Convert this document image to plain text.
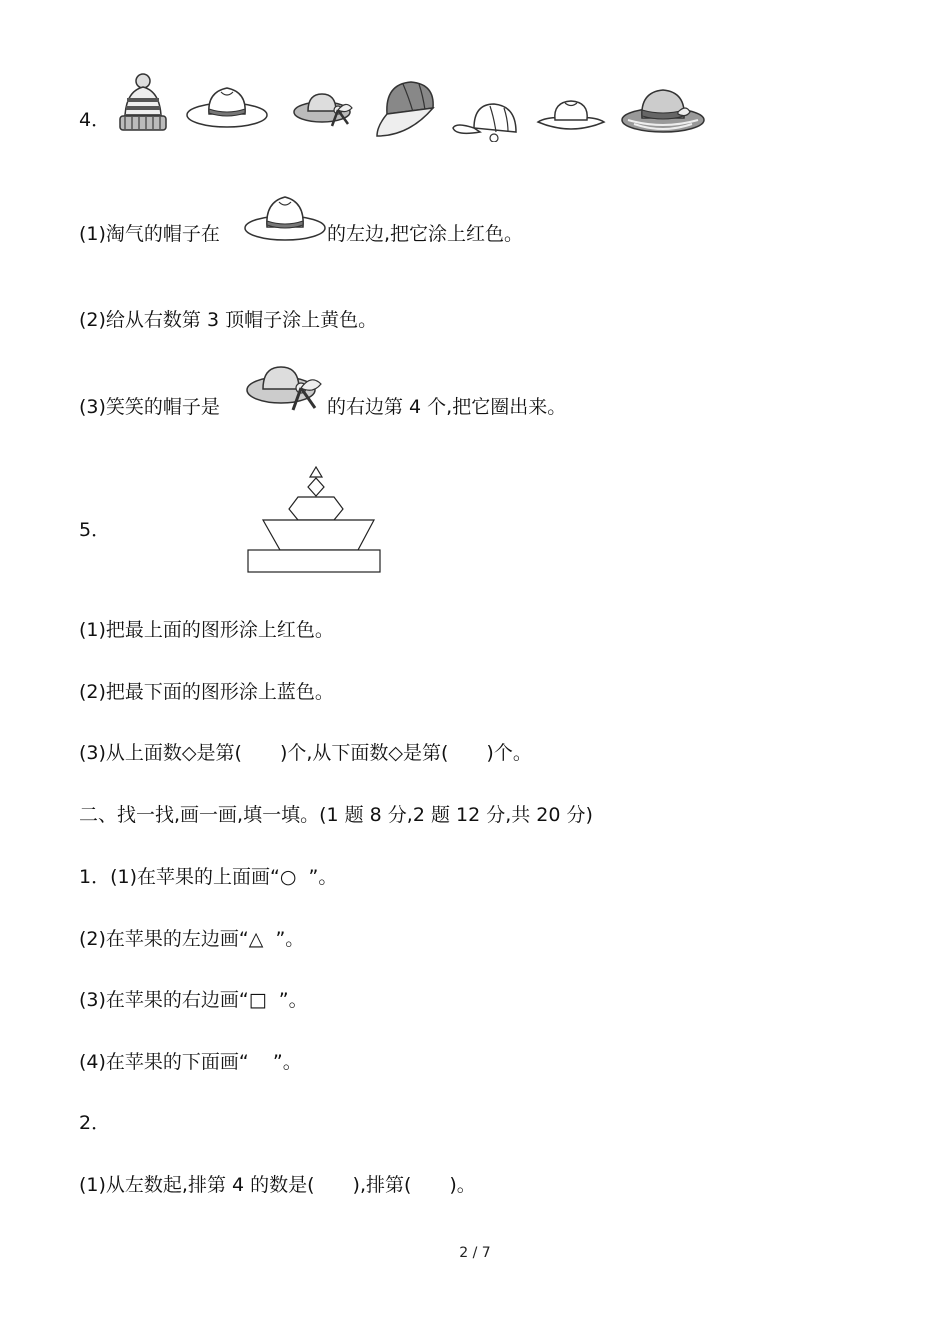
4．
(1)淘气的帽子在	的左边,把它涂上红色。
(2)给从右数第 3 顶帽子涂上黄色。
(3)笑笑的帽子是	的右边第 4 个,把它圈出来。
5．
(1)把最上面的图形涂上红色。
(2)把最下面的图形涂上蓝色。
(3)从上面数◇是第(　　)个,从下面数◇是第(　　)个。
二、找一找,画一画,填一填。(1 题 8 分,2 题 12 分,共 20 分)
1．(1)在苹果的上面画“○  ”。
(2)在苹果的左边画“△  ”。
(3)在苹果的右边画“□  ”。
(4)在苹果的下面画“    ”。
2．
(1)从左数起,排第 4 的数是(　　),排第(　　)。
2 / 7
